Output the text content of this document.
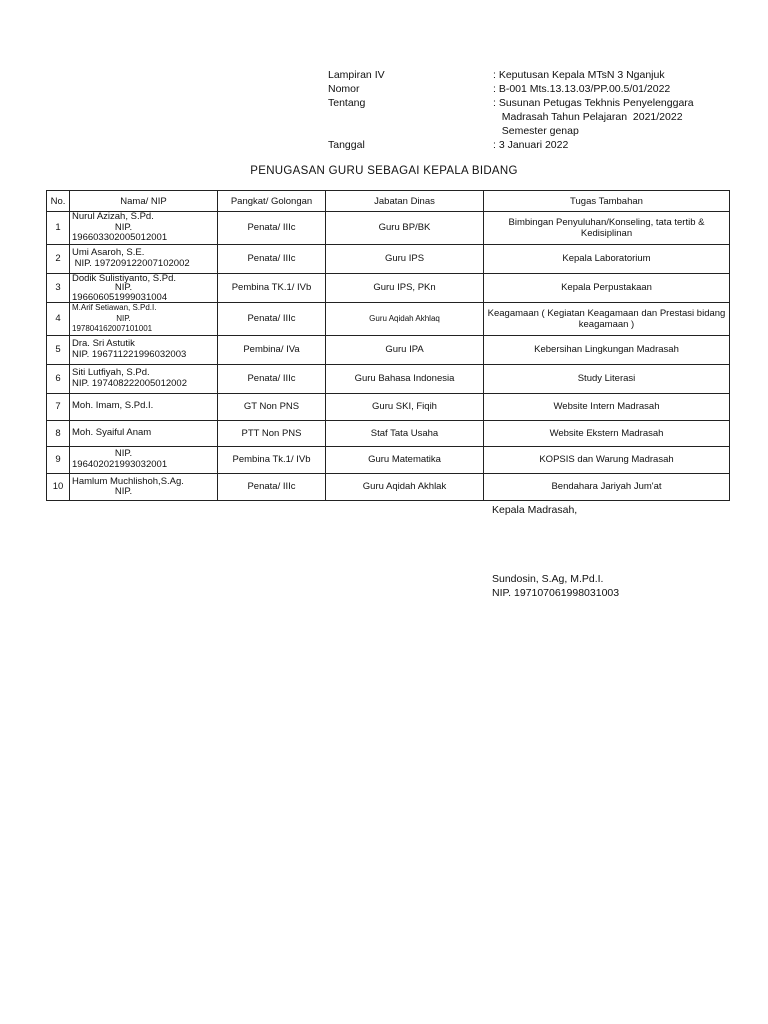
Lampiran IV	: Keputusan Kepala MTsN 3 Nganjuk
Nomor	: B-001 Mts.13.13.03/PP.00.5/01/2022
Tentang	: Susunan Petugas Tekhnis Penyelenggara
Madrasah Tahun Pelajaran  2021/2022
Semester genap
Tanggal	: 3 Januari 2022
PENUGASAN GURU SEBAGAI KEPALA BIDANG
No.	Nama/ NIP	Pangkat/ Golongan	Jabatan Dinas	Tugas Tambahan
1	Nurul Azizah, S.Pd.
NIP.
196603302005012001	Penata/ IIIc	Guru BP/BK	Bimbingan Penyuluhan/Konseling, tata tertib & Kedisiplinan
2	Umi Asaroh, S.E.
NIP. 197209122007102002	Penata/ IIIc	Guru IPS	Kepala Laboratorium
3	Dodik Sulistiyanto, S.Pd.
NIP.
196606051999031004	Pembina TK.1/ IVb	Guru IPS, PKn	Kepala Perpustakaan
4	M.Arif Setiawan, S.Pd.I.
NIP.
197804162007101001	Penata/ IIIc	Guru Aqidah Akhlaq	Keagamaan ( Kegiatan Keagamaan dan Prestasi bidang keagamaan )
5	Dra. Sri Astutik
NIP. 196711221996032003	Pembina/ IVa	Guru IPA	Kebersihan Lingkungan Madrasah
6	Siti Lutfiyah, S.Pd.
NIP. 197408222005012002	Penata/ IIIc	Guru Bahasa Indonesia	Study Literasi
7	Moh. Imam, S.Pd.I.	GT Non PNS	Guru SKI, Fiqih	Website Intern Madrasah
8	Moh. Syaiful Anam	PTT Non PNS	Staf Tata Usaha	Website Ekstern Madrasah
9	NIP.
196402021993032001	Pembina Tk.1/ IVb	Guru Matematika	KOPSIS dan Warung Madrasah
10	Hamlum Muchlishoh,S.Ag.
NIP.	Penata/ IIIc	Guru Aqidah Akhlak	Bendahara Jariyah Jum'at
Kepala Madrasah,
Sundosin, S.Ag, M.Pd.I.
NIP. 197107061998031003
